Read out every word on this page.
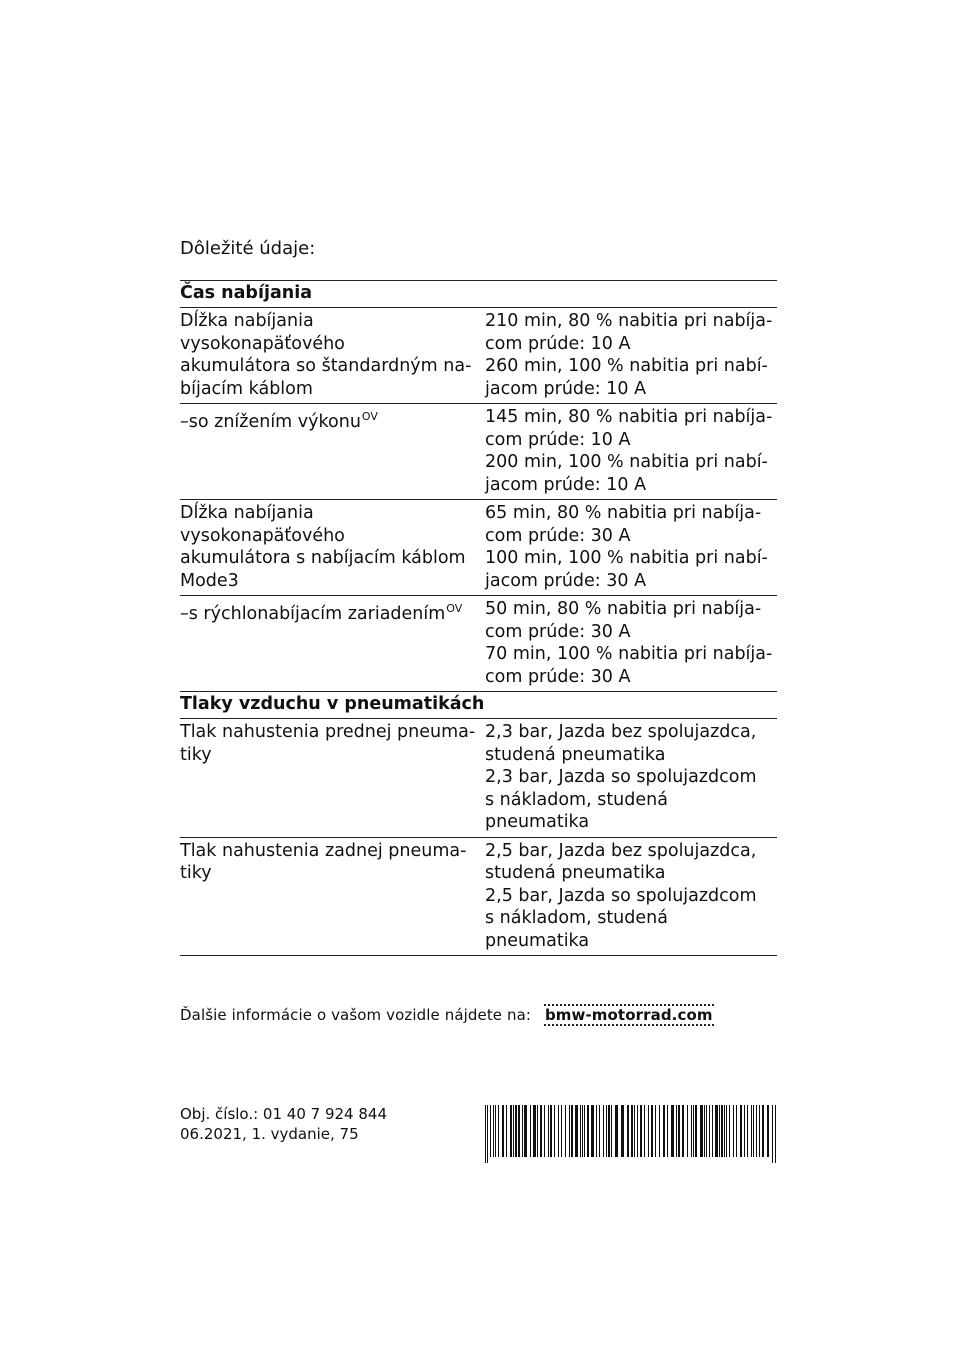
Dôležité údaje:
Čas nabíjania
Dĺžka nabíjania vysokonapäťového
akumulátora so štandardným na-
bíjacím káblom
210 min, 80 % nabitia pri nabíja-
com prúde: 10 A
260 min, 100 % nabitia pri nabí-
jacom prúde: 10 A
–so znížením výkonu$^{OV}$	145 min, 80 % nabitia pri nabíja-
com prúde: 10 A
200 min, 100 % nabitia pri nabí-
jacom prúde: 10 A
Dĺžka nabíjania vysokonapäťového
akumulátora s nabíjacím káblom
Mode3
65 min, 80 % nabitia pri nabíja-
com prúde: 30 A
100 min, 100 % nabitia pri nabí-
jacom prúde: 30 A
–s rýchlonabíjacím zariadením$^{OV}$	50 min, 80 % nabitia pri nabíja-
com prúde: 30 A
70 min, 100 % nabitia pri nabíja-
com prúde: 30 A
Tlaky vzduchu v pneumatikách
Tlak nahustenia prednej pneuma-
tiky
2,3 bar, Jazda bez spolujazdca,
studená pneumatika
2,3 bar, Jazda so spolujazdcom
s nákladom, studená pneumatika
Tlak nahustenia zadnej pneuma-
tiky
2,5 bar, Jazda bez spolujazdca,
studená pneumatika
2,5 bar, Jazda so spolujazdcom
s nákladom, studená pneumatika
Ďalšie informácie o vašom vozidle nájdete na: bmw-motorrad.com
Obj. číslo.: 01 40 7 924 844
06.2021, 1. vydanie, 75
